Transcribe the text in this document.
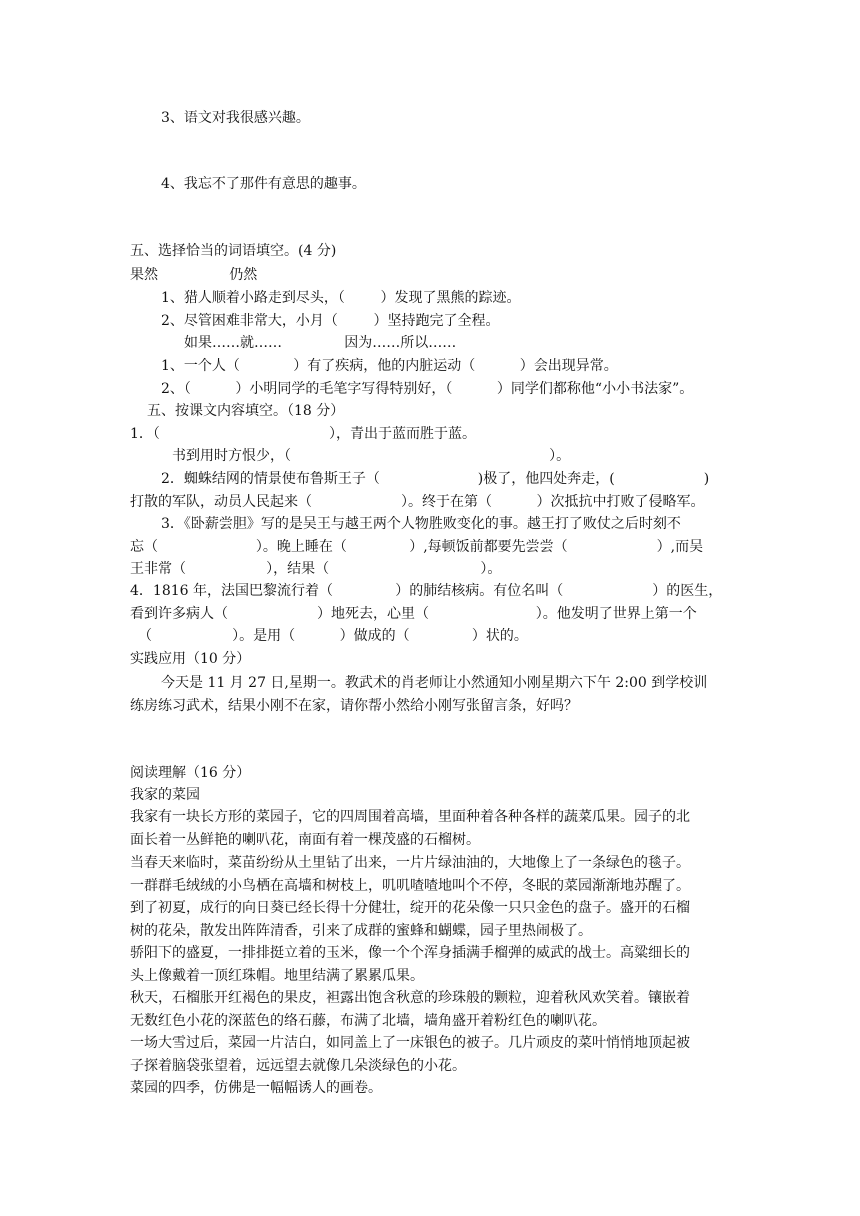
3、语文对我很感兴趣。
4、我忘不了那件有意思的趣事。
五、选择恰当的词语填空。(4 分)
果然                仍然
1、猎人顺着小路走到尽头，（        ）发现了黑熊的踪迹。
2、尽管困难非常大，小月（        ）坚持跑完了全程。
如果……就……              因为……所以……
1、一个人（            ）有了疾病，他的内脏运动（          ）会出现异常。
2、（          ）小明同学的毛笔字写得特别好，（          ）同学们都称他“小小书法家”。
五、按课文内容填空。（18 分）
1．（                                      ），青出于蓝而胜于蓝。
书到用时方恨少，（                                                          ）。
2．蜘蛛结网的情景使布鲁斯王子（                      )极了，他四处奔走，(                    )
打散的军队，动员人民起来（                    ）。终于在第（          ）次抵抗中打败了侵略军。
3．《卧薪尝胆》写的是吴王与越王两个人物胜败变化的事。越王打了败仗之后时刻不
忘（                      ）。晚上睡在（              ）,每顿饭前都要先尝尝（                    ）,而吴
王非常（                  ），结果（                                  ）。
4．1816 年，法国巴黎流行着（              ）的肺结核病。有位名叫（                    ）的医生，
看到许多病人（                    ）地死去，心里（                        ）。他发明了世界上第一个
（                  ）。是用（          ）做成的（              ）状的。
实践应用（10 分）
今天是 11 月 27 日,星期一。教武术的肖老师让小然通知小刚星期六下午 2:00 到学校训
练房练习武术，结果小刚不在家，请你帮小然给小刚写张留言条，好吗？
阅读理解（16 分）
我家的菜园
我家有一块长方形的菜园子，它的四周围着高墙，里面种着各种各样的蔬菜瓜果。园子的北
面长着一丛鲜艳的喇叭花，南面有着一棵茂盛的石榴树。
当春天来临时，菜苗纷纷从土里钻了出来，一片片绿油油的，大地像上了一条绿色的毯子。
一群群毛绒绒的小鸟栖在高墙和树枝上，叽叽喳喳地叫个不停，冬眠的菜园渐渐地苏醒了。
到了初夏，成行的向日葵已经长得十分健壮，绽开的花朵像一只只金色的盘子。盛开的石榴
树的花朵，散发出阵阵清香，引来了成群的蜜蜂和蝴蝶，园子里热闹极了。
骄阳下的盛夏，一排排挺立着的玉米，像一个个浑身插满手榴弹的威武的战士。高粱细长的
头上像戴着一顶红珠帽。地里结满了累累瓜果。
秋天，石榴胀开红褐色的果皮，袒露出饱含秋意的珍珠般的颗粒，迎着秋风欢笑着。镶嵌着
无数红色小花的深蓝色的络石藤，布满了北墙，墙角盛开着粉红色的喇叭花。
一场大雪过后，菜园一片洁白，如同盖上了一床银色的被子。几片顽皮的菜叶悄悄地顶起被
子探着脑袋张望着，远远望去就像几朵淡绿色的小花。
菜园的四季，仿佛是一幅幅诱人的画卷。
